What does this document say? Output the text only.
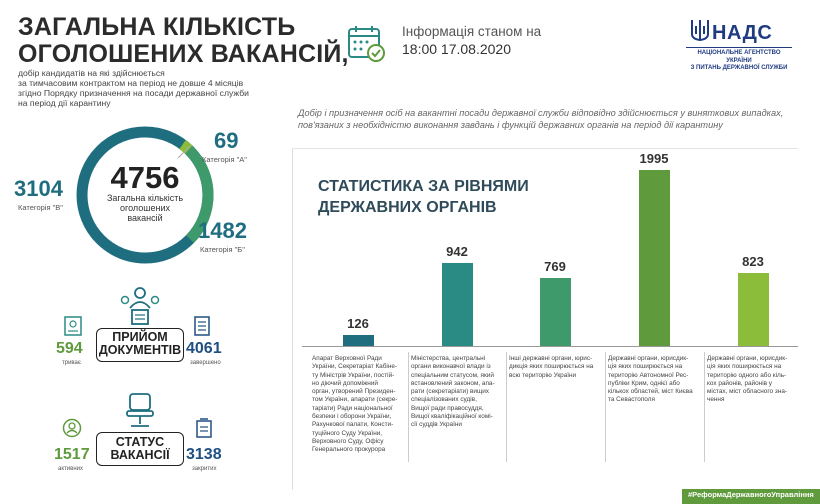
ЗАГАЛЬНА КІЛЬКІСТЬ
ОГОЛОШЕНИХ ВАКАНСІЙ,
добір кандидатів на які здійснюється
за тимчасовим контрактом на період не довше 4 місяців
згідно Порядку призначення на посади державної служби
на період дії карантину
Інформація станом на
18:00 17.08.2020
НАДС
НАЦІОНАЛЬНЕ АГЕНТСТВО УКРАЇНИ
З ПИТАНЬ ДЕРЖАВНОЇ СЛУЖБИ
Добір і призначення осіб на вакантні посади державної служби відповідно здійснюється у виняткових випадках,
пов'язаних з необхідністю виконання завдань і функцій державних органів на період дії карантину
4756
Загальна кількість
оголошених
вакансій
69
Категорія "А"
1482
Категорія "Б"
3104
Категорія "В"
ПРИЙОМ
ДОКУМЕНТІВ
594
триває
4061
завершено
СТАТУС
ВАКАНСІЇ
1517
активних
3138
закритих
СТАТИСТИКА ЗА РІВНЯМИ
ДЕРЖАВНИХ ОРГАНІВ
126
942
769
1995
823
Апарат Верховної Ради
України, Секретаріат Кабіне-
ту Міністрів України, постій-
но діючий допоміжний
орган, утворений Президен-
том України, апарати (секре-
таріати) Ради національної
безпеки і оборони України,
Рахункової палати, Консти-
туційного Суду України,
Верховного Суду, Офісу
Генерального прокурора
Міністерства, центральні
органи виконавчої влади із
спеціальним статусом, який
встановлений законом, апа-
рати (секретаріати) вищих
спеціалізованих судів,
Вищої ради правосуддя,
Вищої кваліфікаційної комі-
сії суддів України
Інші державні органи, юрис-
дикція яких поширюється на
всю територію України
Державні органи, юрисдик-
ція яких поширюється на
територію Автономної Рес-
публіки Крим, однієї або
кількох областей, міст Києва
та Севастополя
Державні органи, юрисдик-
ція яких поширюється на
територію одного або кіль-
кох районів, районів у
містах, міст обласного зна-
чення
#РеформаДержавногоУправління
